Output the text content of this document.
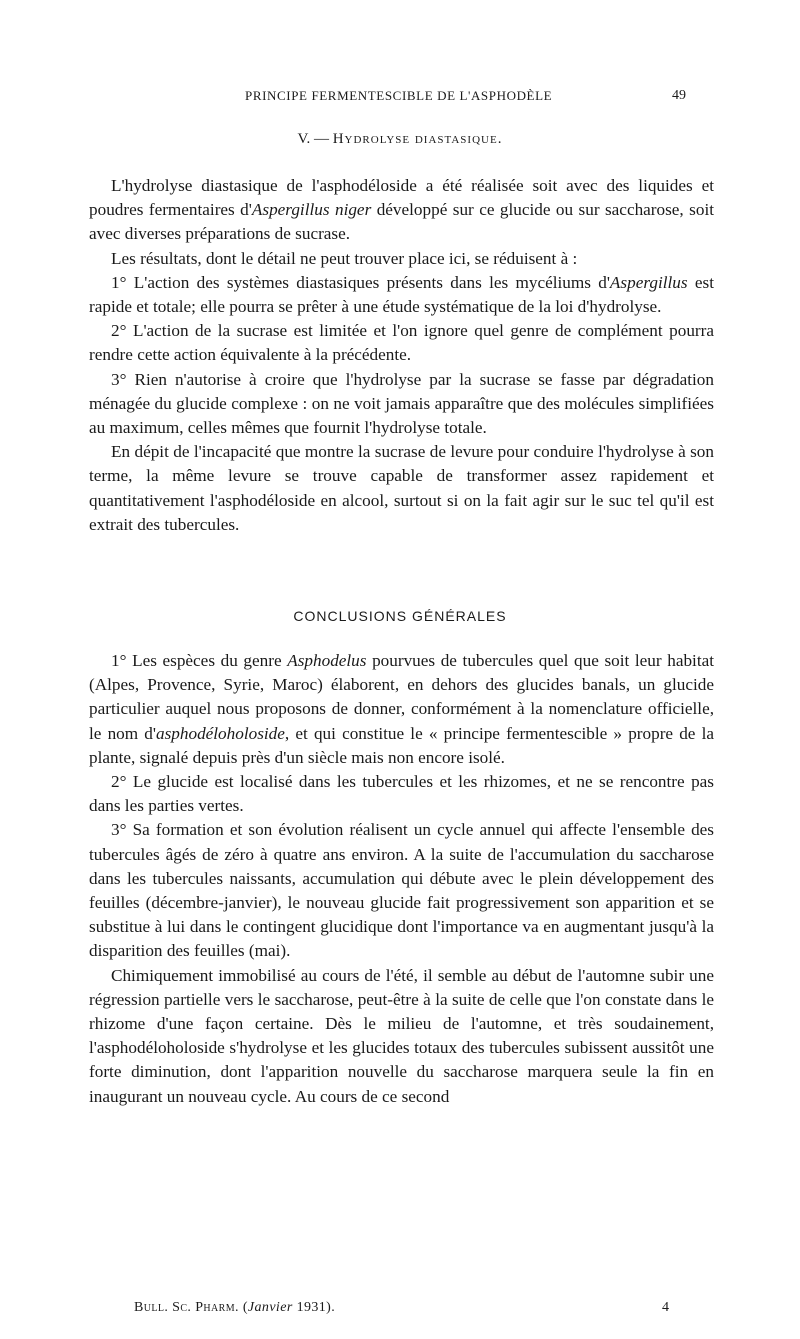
PRINCIPE FERMENTESCIBLE DE L'ASPHODÈLE	49
V. — Hydrolyse diastasique.

L'hydrolyse diastasique de l'asphodéloside a été réalisée soit avec des liquides et poudres fermentaires d'Aspergillus niger développé sur ce glucide ou sur saccharose, soit avec diverses préparations de sucrase.

Les résultats, dont le détail ne peut trouver place ici, se réduisent à :

1° L'action des systèmes diastasiques présents dans les mycéliums d'Aspergillus est rapide et totale; elle pourra se prêter à une étude systématique de la loi d'hydrolyse.

2° L'action de la sucrase est limitée et l'on ignore quel genre de complément pourra rendre cette action équivalente à la précédente.

3° Rien n'autorise à croire que l'hydrolyse par la sucrase se fasse par dégradation ménagée du glucide complexe : on ne voit jamais apparaître que des molécules simplifiées au maximum, celles mêmes que fournit l'hydrolyse totale.

En dépit de l'incapacité que montre la sucrase de levure pour conduire l'hydrolyse à son terme, la même levure se trouve capable de transformer assez rapidement et quantitativement l'asphodéloside en alcool, surtout si on la fait agir sur le suc tel qu'il est extrait des tubercules.

CONCLUSIONS GÉNÉRALES

1° Les espèces du genre Asphodelus pourvues de tubercules quel que soit leur habitat (Alpes, Provence, Syrie, Maroc) élaborent, en dehors des glucides banals, un glucide particulier auquel nous proposons de donner, conformément à la nomenclature officielle, le nom d'asphodéloholoside, et qui constitue le « principe fermentescible » propre de la plante, signalé depuis près d'un siècle mais non encore isolé.

2° Le glucide est localisé dans les tubercules et les rhizomes, et ne se rencontre pas dans les parties vertes.

3° Sa formation et son évolution réalisent un cycle annuel qui affecte l'ensemble des tubercules âgés de zéro à quatre ans environ. A la suite de l'accumulation du saccharose dans les tubercules naissants, accumulation qui débute avec le plein développement des feuilles (décembre-janvier), le nouveau glucide fait progressivement son apparition et se substitue à lui dans le contingent glucidique dont l'importance va en augmentant jusqu'à la disparition des feuilles (mai).

Chimiquement immobilisé au cours de l'été, il semble au début de l'automne subir une régression partielle vers le saccharose, peut-être à la suite de celle que l'on constate dans le rhizome d'une façon certaine. Dès le milieu de l'automne, et très soudainement, l'asphodéloholoside s'hydrolyse et les glucides totaux des tubercules subissent aussitôt une forte diminution, dont l'apparition nouvelle du saccharose marquera seule la fin en inaugurant un nouveau cycle. Au cours de ce second

Bull. Sc. Pharm. (Janvier 1931).	4
